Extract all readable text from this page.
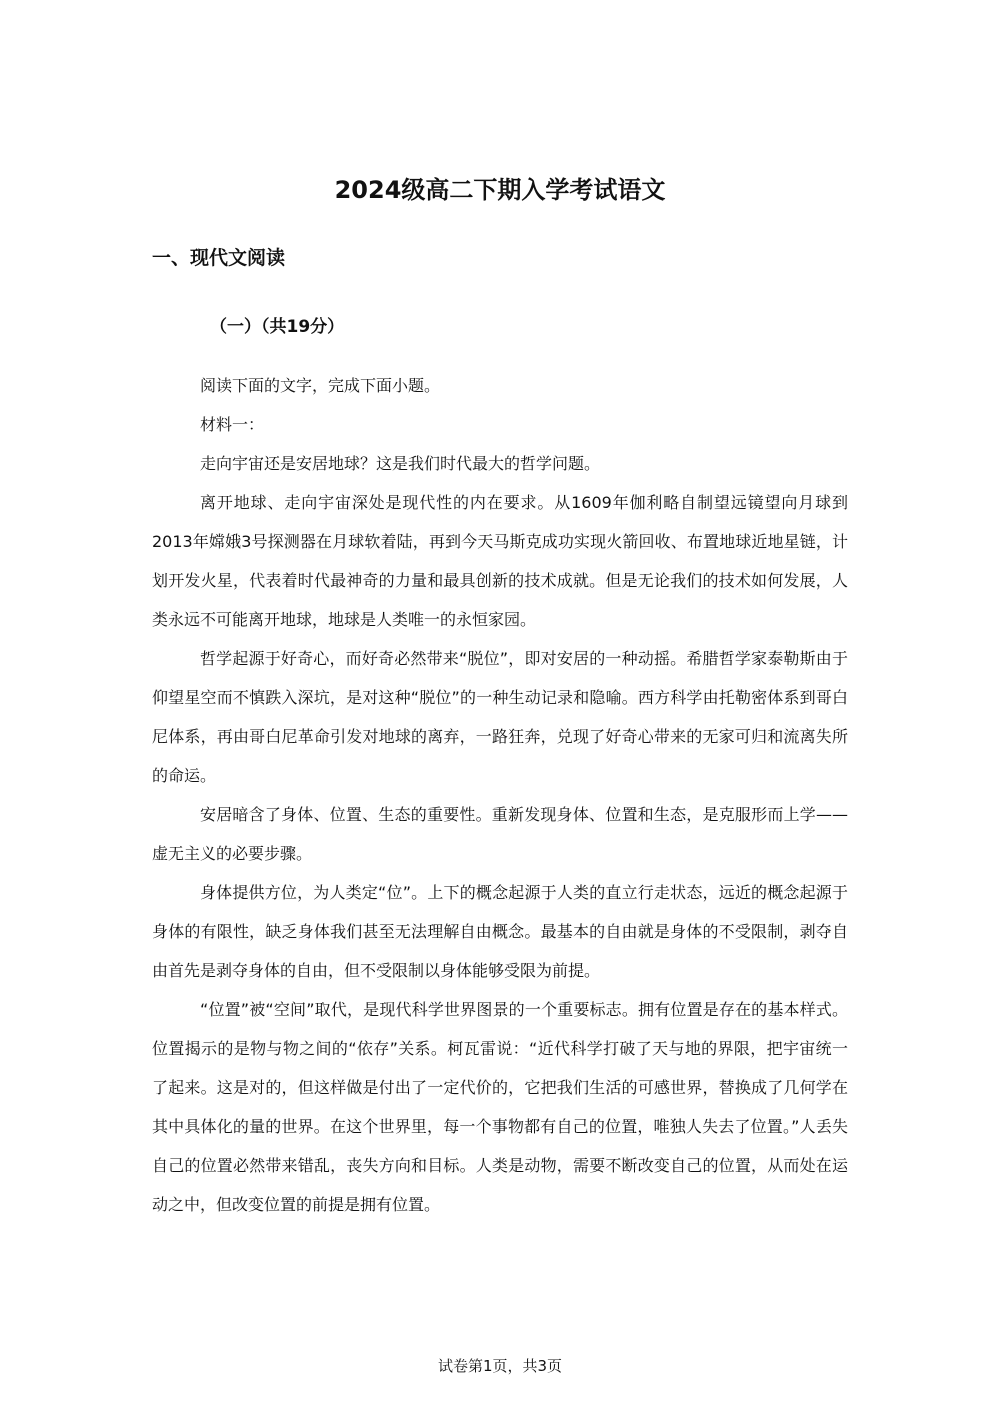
2024级高二下期入学考试语文
一、现代文阅读
（一）（共19分）

阅读下面的文字，完成下面小题。

材料一：

走向宇宙还是安居地球？这是我们时代最大的哲学问题。

离开地球、走向宇宙深处是现代性的内在要求。从1609年伽利略自制望远镜望向月球到2013年嫦娥3号探测器在月球软着陆，再到今天马斯克成功实现火箭回收、布置地球近地星链，计划开发火星，代表着时代最神奇的力量和最具创新的技术成就。但是无论我们的技术如何发展，人类永远不可能离开地球，地球是人类唯一的永恒家园。

哲学起源于好奇心，而好奇必然带来“脱位”，即对安居的一种动摇。希腊哲学家泰勒斯由于仰望星空而不慎跌入深坑，是对这种“脱位”的一种生动记录和隐喻。西方科学由托勒密体系到哥白尼体系，再由哥白尼革命引发对地球的离弃，一路狂奔，兑现了好奇心带来的无家可归和流离失所的命运。

安居暗含了身体、位置、生态的重要性。重新发现身体、位置和生态，是克服形而上学——虚无主义的必要步骤。

身体提供方位，为人类定“位”。上下的概念起源于人类的直立行走状态，远近的概念起源于身体的有限性，缺乏身体我们甚至无法理解自由概念。最基本的自由就是身体的不受限制，剥夺自由首先是剥夺身体的自由，但不受限制以身体能够受限为前提。

“位置”被“空间”取代，是现代科学世界图景的一个重要标志。拥有位置是存在的基本样式。位置揭示的是物与物之间的“依存”关系。柯瓦雷说：“近代科学打破了天与地的界限，把宇宙统一了起来。这是对的，但这样做是付出了一定代价的，它把我们生活的可感世界，替换成了几何学在其中具体化的量的世界。在这个世界里，每一个事物都有自己的位置，唯独人失去了位置。”人丢失自己的位置必然带来错乱，丧失方向和目标。人类是动物，需要不断改变自己的位置，从而处在运动之中，但改变位置的前提是拥有位置。

试卷第1页，共3页
